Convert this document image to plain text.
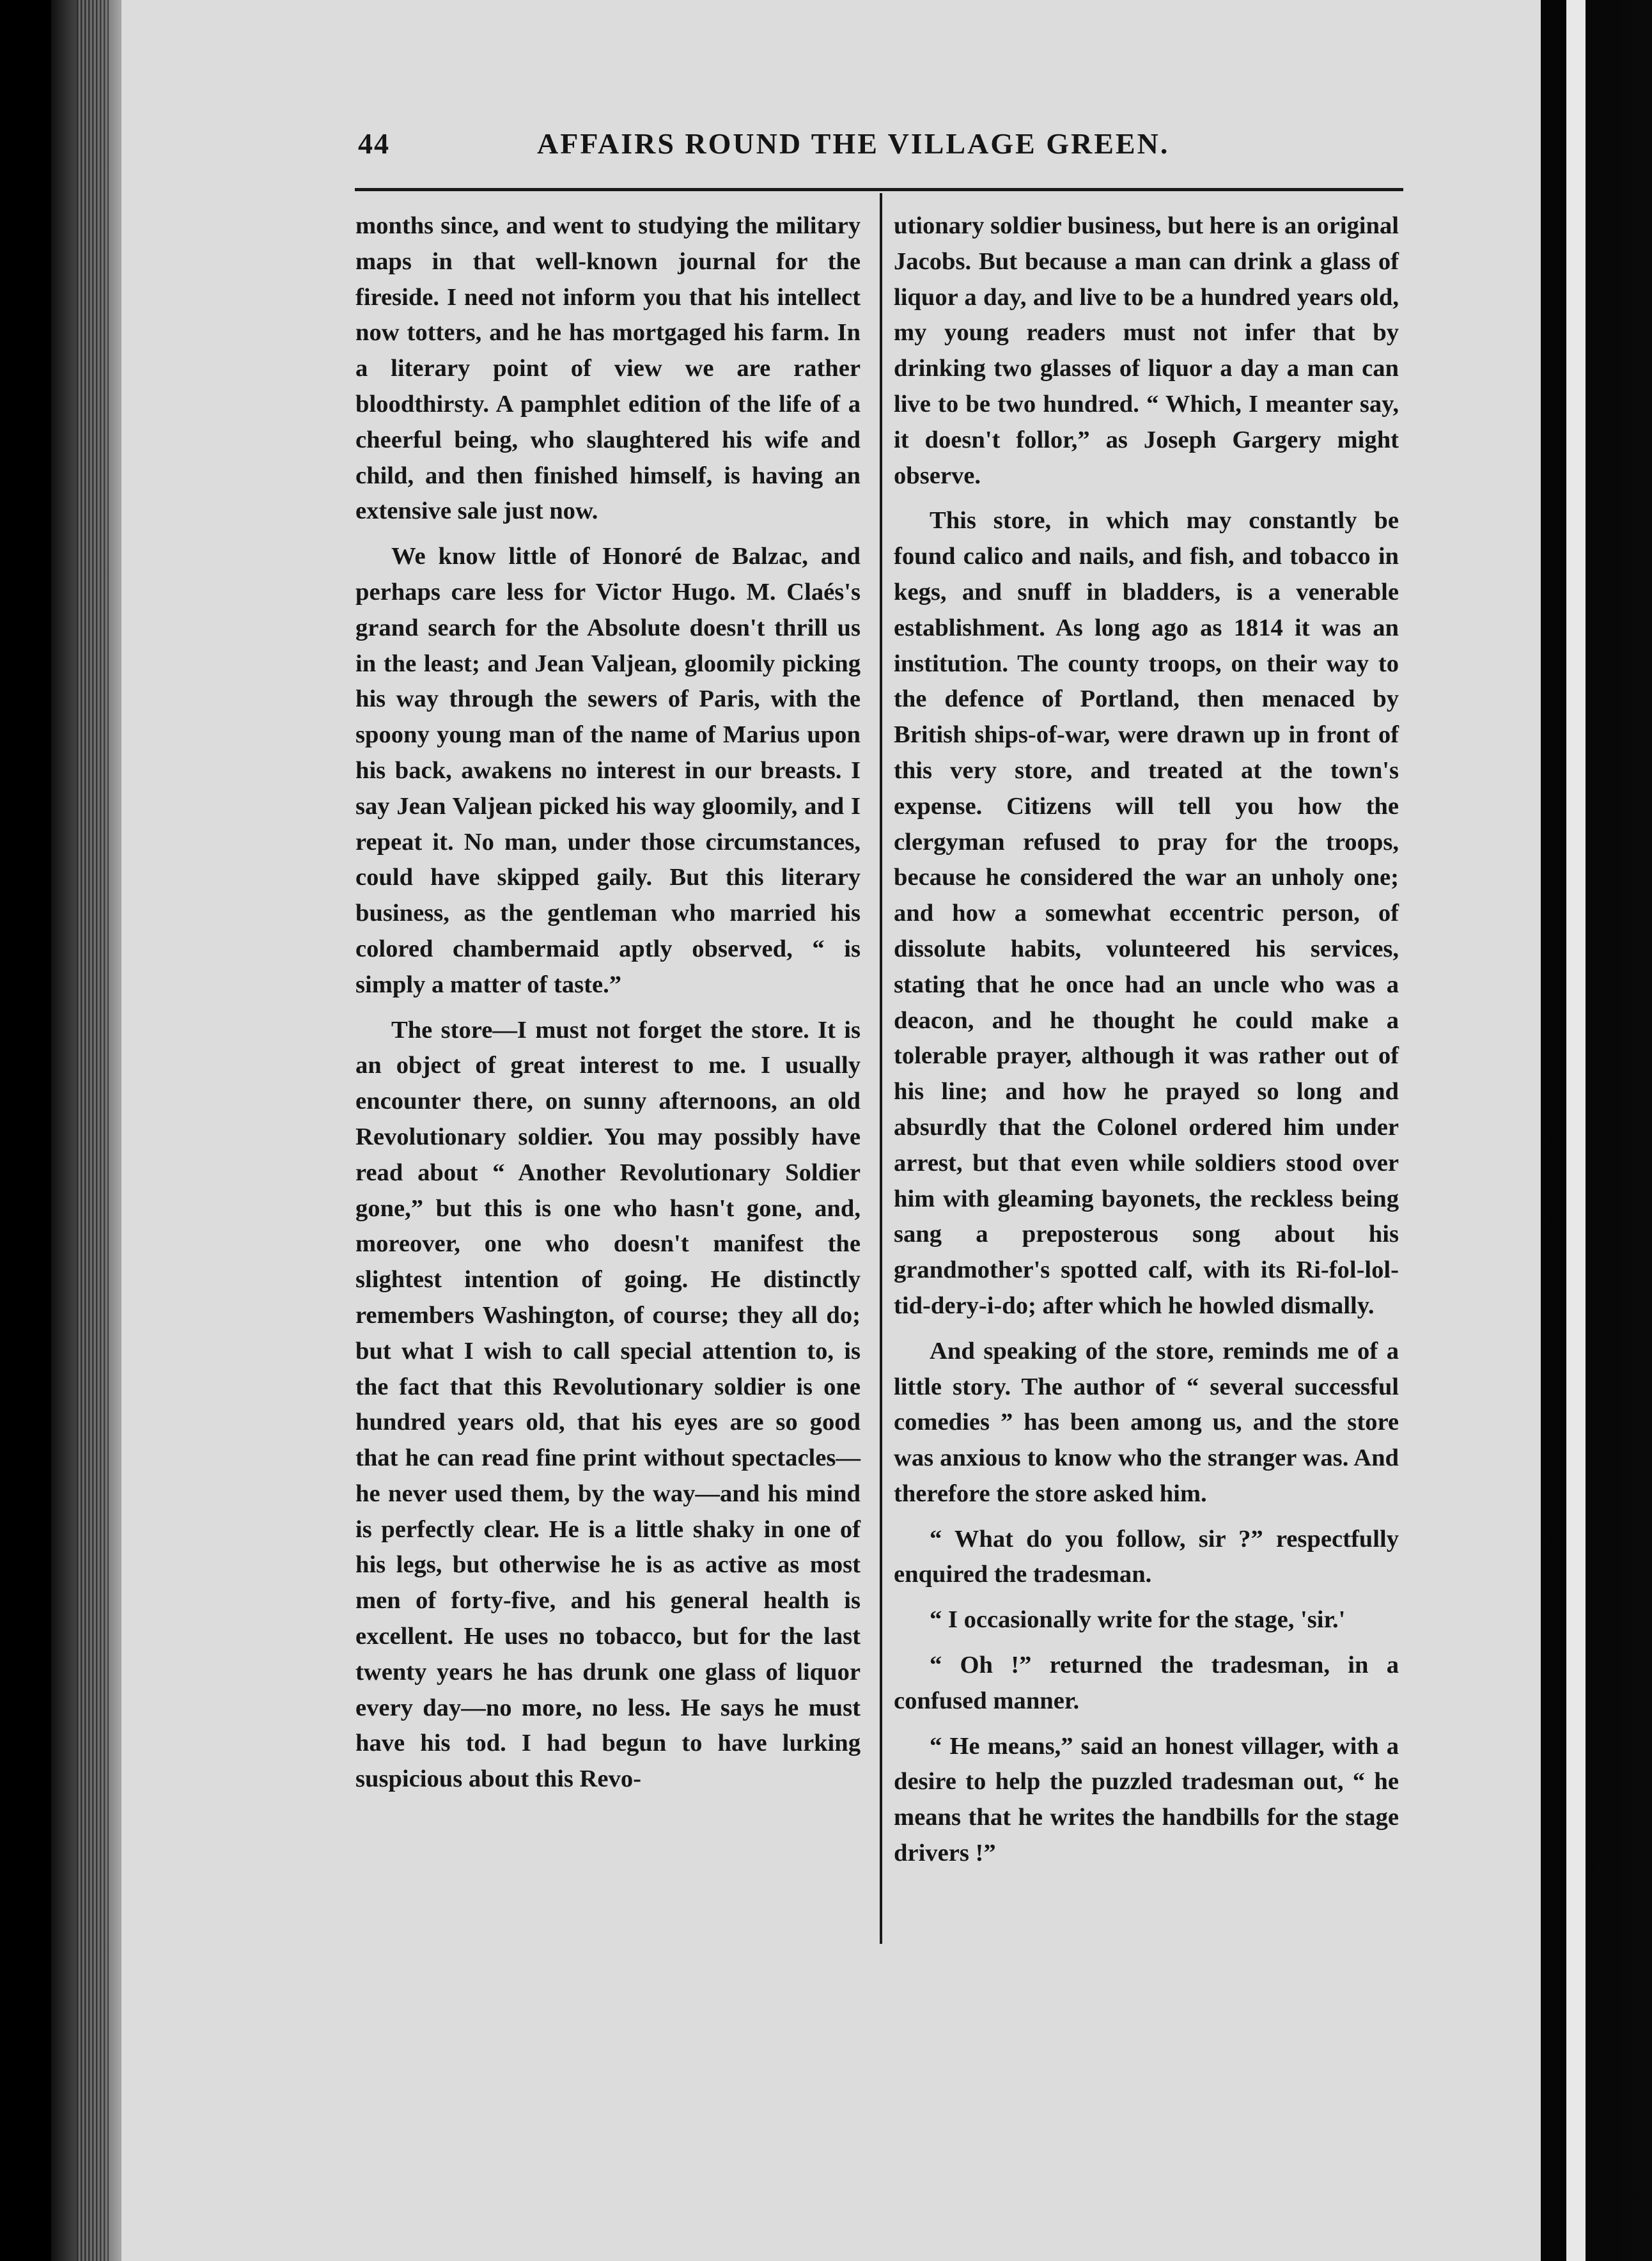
44	AFFAIRS ROUND THE VILLAGE GREEN.

months since, and went to studying the military maps in that well-known journal for the fireside. I need not inform you that his intellect now totters, and he has mortgaged his farm. In a literary point of view we are rather bloodthirsty. A pamphlet edition of the life of a cheerful being, who slaughtered his wife and child, and then finished himself, is having an extensive sale just now.

We know little of Honoré de Balzac, and perhaps care less for Victor Hugo. M. Claés's grand search for the Absolute doesn't thrill us in the least; and Jean Valjean, gloomily picking his way through the sewers of Paris, with the spoony young man of the name of Marius upon his back, awakens no interest in our breasts. I say Jean Valjean picked his way gloomily, and I repeat it. No man, under those circumstances, could have skipped gaily. But this literary business, as the gentleman who married his colored chambermaid aptly observed, “ is simply a matter of taste.”

The store—I must not forget the store. It is an object of great interest to me. I usually encounter there, on sunny afternoons, an old Revolutionary soldier. You may possibly have read about “ Another Revolutionary Soldier gone,” but this is one who hasn't gone, and, moreover, one who doesn't manifest the slightest intention of going. He distinctly remembers Washington, of course; they all do; but what I wish to call special attention to, is the fact that this Revolutionary soldier is one hundred years old, that his eyes are so good that he can read fine print without spectacles—he never used them, by the way—and his mind is perfectly clear. He is a little shaky in one of his legs, but otherwise he is as active as most men of forty-five, and his general health is excellent. He uses no tobacco, but for the last twenty years he has drunk one glass of liquor every day—no more, no less. He says he must have his tod. I had begun to have lurking suspicious about this Revo-

utionary soldier business, but here is an original Jacobs. But because a man can drink a glass of liquor a day, and live to be a hundred years old, my young readers must not infer that by drinking two glasses of liquor a day a man can live to be two hundred. “ Which, I meanter say, it doesn't follor,” as Joseph Gargery might observe.

This store, in which may constantly be found calico and nails, and fish, and tobacco in kegs, and snuff in bladders, is a venerable establishment. As long ago as 1814 it was an institution. The county troops, on their way to the defence of Portland, then menaced by British ships-of-war, were drawn up in front of this very store, and treated at the town's expense. Citizens will tell you how the clergyman refused to pray for the troops, because he considered the war an unholy one; and how a somewhat eccentric person, of dissolute habits, volunteered his services, stating that he once had an uncle who was a deacon, and he thought he could make a tolerable prayer, although it was rather out of his line; and how he prayed so long and absurdly that the Colonel ordered him under arrest, but that even while soldiers stood over him with gleaming bayonets, the reckless being sang a preposterous song about his grandmother's spotted calf, with its Ri-fol-lol-tid-dery-i-do; after which he howled dismally.

And speaking of the store, reminds me of a little story. The author of “ several successful comedies ” has been among us, and the store was anxious to know who the stranger was. And therefore the store asked him.

“ What do you follow, sir ?” respectfully enquired the tradesman.

“ I occasionally write for the stage, 'sir.'

“ Oh !” returned the tradesman, in a confused manner.

“ He means,” said an honest villager, with a desire to help the puzzled tradesman out, “ he means that he writes the handbills for the stage drivers !”
